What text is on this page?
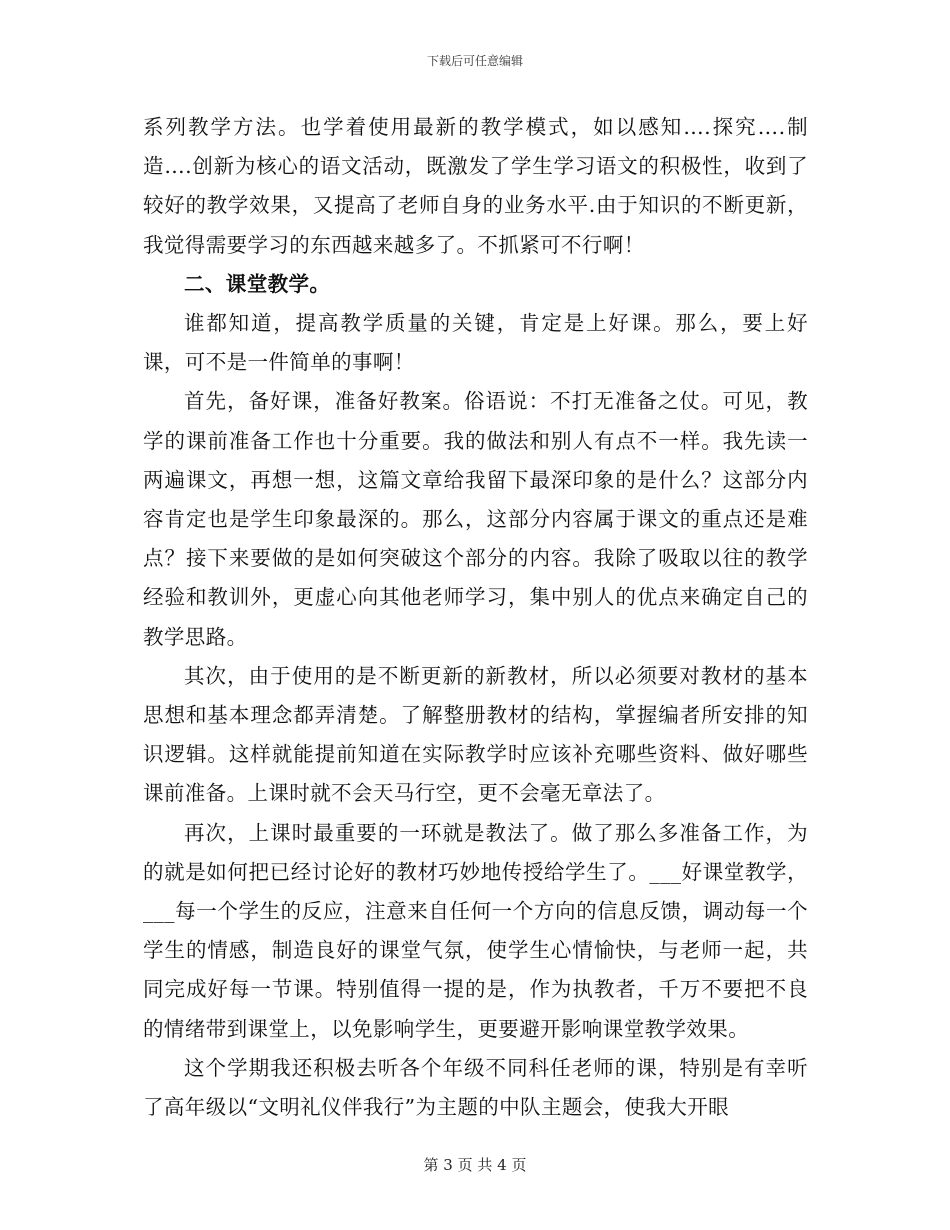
下载后可任意编辑

系列教学方法。也学着使用最新的教学模式，如以感知….探究….制造….创新为核心的语文活动，既激发了学生学习语文的积极性，收到了较好的教学效果，又提高了老师自身的业务水平.由于知识的不断更新，我觉得需要学习的东西越来越多了。不抓紧可不行啊！

二、课堂教学。

谁都知道，提高教学质量的关键，肯定是上好课。那么，要上好课，可不是一件简单的事啊！

首先，备好课，准备好教案。俗语说：不打无准备之仗。可见，教学的课前准备工作也十分重要。我的做法和别人有点不一样。我先读一两遍课文，再想一想，这篇文章给我留下最深印象的是什么？这部分内容肯定也是学生印象最深的。那么，这部分内容属于课文的重点还是难点？接下来要做的是如何突破这个部分的内容。我除了吸取以往的教学经验和教训外，更虚心向其他老师学习，集中别人的优点来确定自己的教学思路。

其次，由于使用的是不断更新的新教材，所以必须要对教材的基本思想和基本理念都弄清楚。了解整册教材的结构，掌握编者所安排的知识逻辑。这样就能提前知道在实际教学时应该补充哪些资料、做好哪些课前准备。上课时就不会天马行空，更不会毫无章法了。

再次，上课时最重要的一环就是教法了。做了那么多准备工作，为的就是如何把已经讨论好的教材巧妙地传授给学生了。___好课堂教学，___每一个学生的反应，注意来自任何一个方向的信息反馈，调动每一个学生的情感，制造良好的课堂气氛，使学生心情愉快，与老师一起，共同完成好每一节课。特别值得一提的是，作为执教者，千万不要把不良的情绪带到课堂上，以免影响学生，更要避开影响课堂教学效果。

这个学期我还积极去听各个年级不同科任老师的课，特别是有幸听了高年级以“文明礼仪伴我行”为主题的中队主题会，使我大开眼

第 3 页 共 4 页
